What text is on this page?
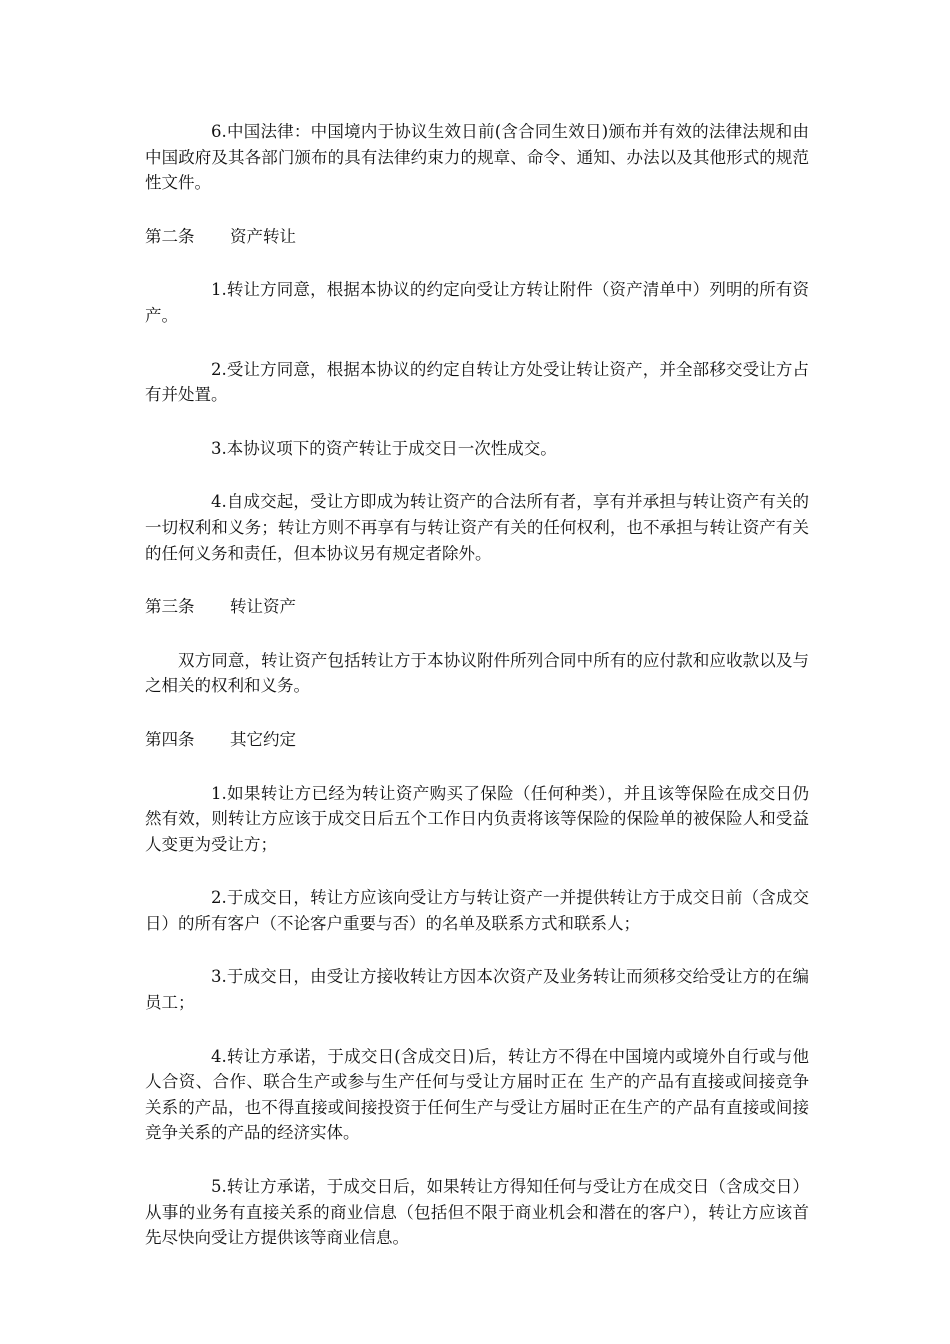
6.中国法律：中国境内于协议生效日前(含合同生效日)颁布并有效的法律法规和由中国政府及其各部门颁布的具有法律约束力的规章、命令、通知、办法以及其他形式的规范性文件。

第二条 资产转让

1.转让方同意，根据本协议的约定向受让方转让附件（资产清单中）列明的所有资产。

2.受让方同意，根据本协议的约定自转让方处受让转让资产，并全部移交受让方占有并处置。

3.本协议项下的资产转让于成交日一次性成交。

4.自成交起，受让方即成为转让资产的合法所有者，享有并承担与转让资产有关的一切权利和义务；转让方则不再享有与转让资产有关的任何权利，也不承担与转让资产有关的任何义务和责任，但本协议另有规定者除外。

第三条 转让资产

双方同意，转让资产包括转让方于本协议附件所列合同中所有的应付款和应收款以及与之相关的权利和义务。

第四条 其它约定

1.如果转让方已经为转让资产购买了保险（任何种类），并且该等保险在成交日仍然有效，则转让方应该于成交日后五个工作日内负责将该等保险的保险单的被保险人和受益人变更为受让方；

2.于成交日，转让方应该向受让方与转让资产一并提供转让方于成交日前（含成交日）的所有客户（不论客户重要与否）的名单及联系方式和联系人；

3.于成交日，由受让方接收转让方因本次资产及业务转让而须移交给受让方的在编员工；

4.转让方承诺，于成交日(含成交日)后，转让方不得在中国境内或境外自行或与他人合资、合作、联合生产或参与生产任何与受让方届时正在 生产的产品有直接或间接竞争关系的产品，也不得直接或间接投资于任何生产与受让方届时正在生产的产品有直接或间接竞争关系的产品的经济实体。

5.转让方承诺，于成交日后，如果转让方得知任何与受让方在成交日（含成交日）从事的业务有直接关系的商业信息（包括但不限于商业机会和潜在的客户），转让方应该首先尽快向受让方提供该等商业信息。
